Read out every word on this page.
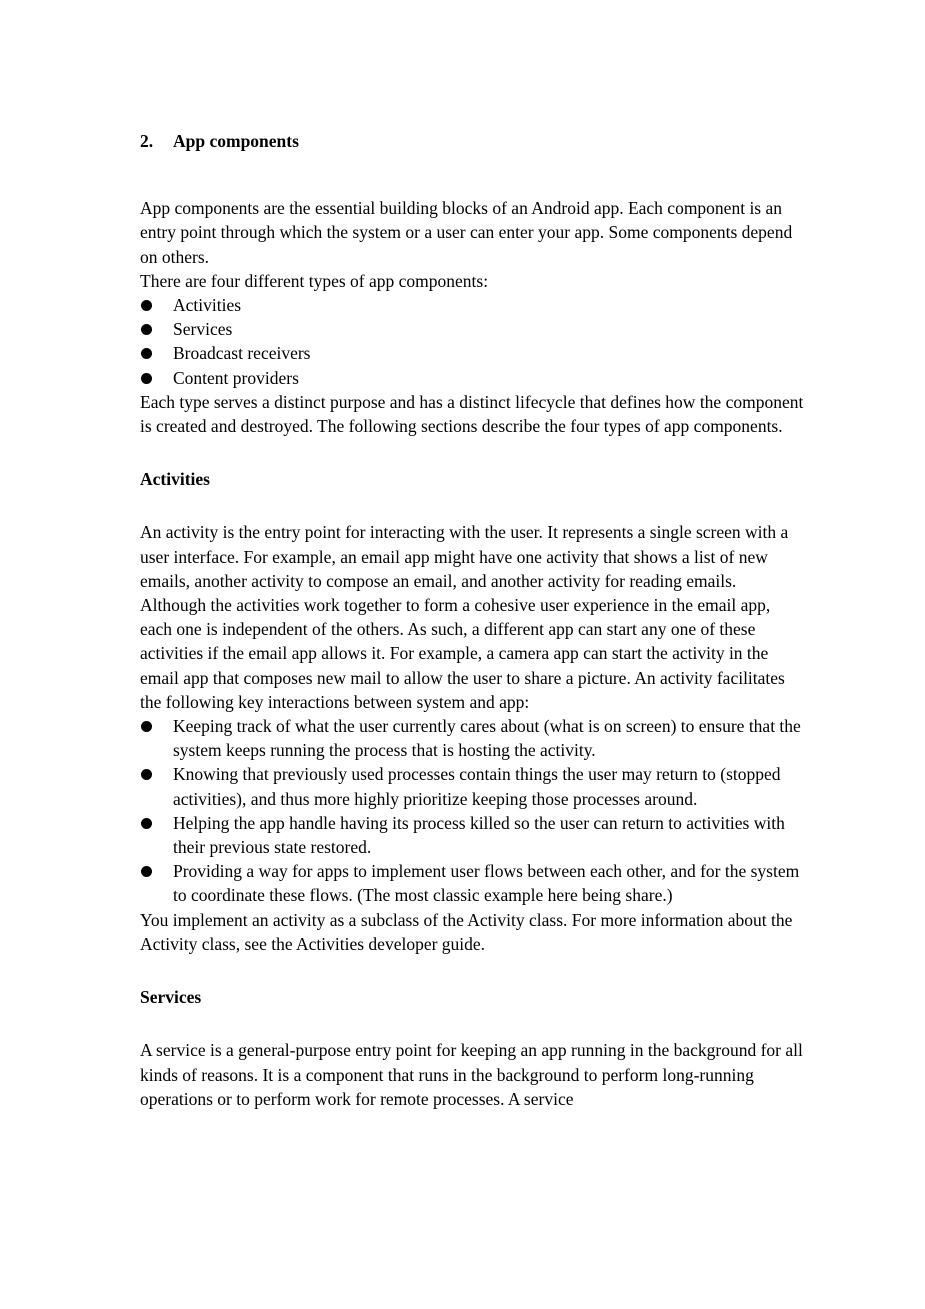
2.	App components

App components are the essential building blocks of an Android app. Each component is an entry point through which the system or a user can enter your app. Some components depend on others.

There are four different types of app components:

Activities
Services
Broadcast receivers
Content providers

Each type serves a distinct purpose and has a distinct lifecycle that defines how the component is created and destroyed. The following sections describe the four types of app components.

Activities

An activity is the entry point for interacting with the user. It represents a single screen with a user interface. For example, an email app might have one activity that shows a list of new emails, another activity to compose an email, and another activity for reading emails. Although the activities work together to form a cohesive user experience in the email app, each one is independent of the others. As such, a different app can start any one of these activities if the email app allows it. For example, a camera app can start the activity in the email app that composes new mail to allow the user to share a picture. An activity facilitates the following key interactions between system and app:

Keeping track of what the user currently cares about (what is on screen) to ensure that the system keeps running the process that is hosting the activity.
Knowing that previously used processes contain things the user may return to (stopped activities), and thus more highly prioritize keeping those processes around.
Helping the app handle having its process killed so the user can return to activities with their previous state restored.
Providing a way for apps to implement user flows between each other, and for the system to coordinate these flows. (The most classic example here being share.)

You implement an activity as a subclass of the Activity class. For more information about the Activity class, see the Activities developer guide.

Services

A service is a general-purpose entry point for keeping an app running in the background for all kinds of reasons. It is a component that runs in the background to perform long-running operations or to perform work for remote processes. A service
